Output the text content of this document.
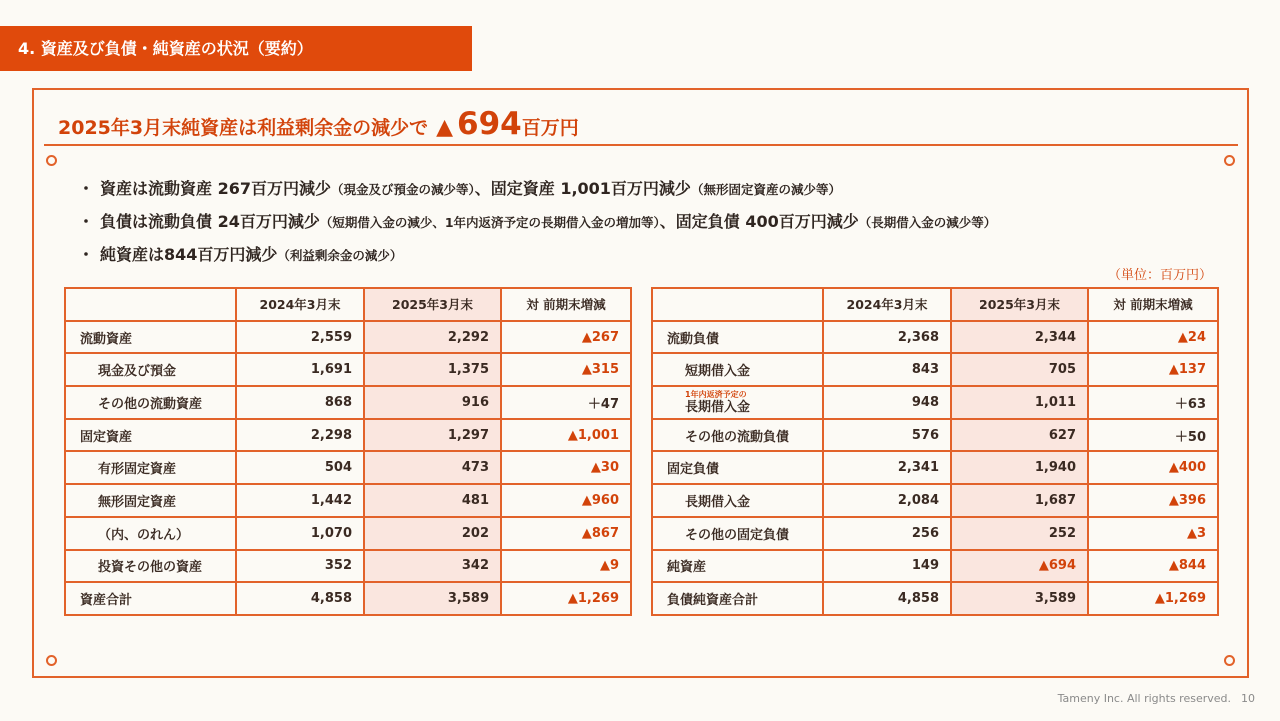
4. 資産及び負債・純資産の状況（要約）
2025年3月末純資産は利益剰余金の減少で ▲ 694 百万円
・ 資産は流動資産 267百万円減少（現金及び預金の減少等）、固定資産 1,001百万円減少（無形固定資産の減少等）
・ 負債は流動負債 24百万円減少（短期借入金の減少、1年内返済予定の長期借入金の増加等）、固定負債 400百万円減少（長期借入金の減少等）
・ 純資産は844百万円減少（利益剰余金の減少）
（単位：百万円）
	2024年3月末	2025年3月末	対 前期末増減
流動資産	2,559	2,292	▲267
現金及び預金	1,691	1,375	▲315
その他の流動資産	868	916	＋47
固定資産	2,298	1,297	▲1,001
有形固定資産	504	473	▲30
無形固定資産	1,442	481	▲960
（内、のれん）	1,070	202	▲867
投資その他の資産	352	342	▲9
資産合計	4,858	3,589	▲1,269
	2024年3月末	2025年3月末	対 前期末増減
流動負債	2,368	2,344	▲24
短期借入金	843	705	▲137

1年内返済予定の
長期借入金	948	1,011	＋63
その他の流動負債	576	627	＋50
固定負債	2,341	1,940	▲400
長期借入金	2,084	1,687	▲396
その他の固定負債	256	252	▲3
純資産	149	▲694	▲844
負債純資産合計	4,858	3,589	▲1,269
Tameny Inc. All rights reserved. 10
